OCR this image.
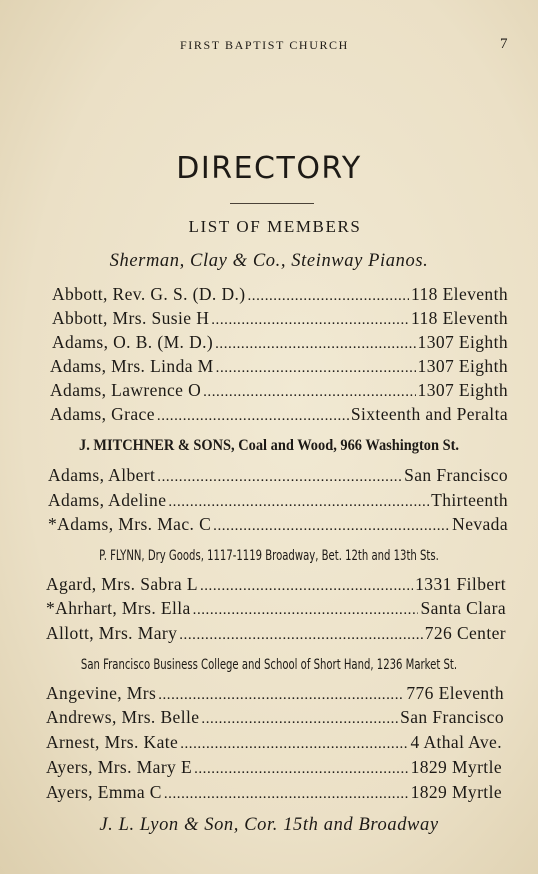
FIRST BAPTIST CHURCH	7
DIRECTORY
LIST OF MEMBERS
Sherman, Clay & Co., Steinway Pianos.
Abbott, Rev. G. S. (D. D.) . . .	118 Eleventh
Abbott, Mrs. Susie H . . .	118 Eleventh
Adams, O. B. (M. D.) . . .	1307 Eighth
Adams, Mrs. Linda M . . .	1307 Eighth
Adams, Lawrence O . . .	1307 Eighth
Adams, Grace . . .	Sixteenth and Peralta
J. MITCHNER & SONS, Coal and Wood, 966 Washington St.
Adams, Albert . . .	San Francisco
Adams, Adeline . . .	Thirteenth
*Adams, Mrs. Mac. C . . .	Nevada
P. FLYNN, Dry Goods, 1117-1119 Broadway, Bet. 12th and 13th Sts.
Agard, Mrs. Sabra L . . .	1331 Filbert
*Ahrhart, Mrs. Ella . . .	Santa Clara
Allott, Mrs. Mary . . .	726 Center
San Francisco Business College and School of Short Hand, 1236 Market St.
Angevine, Mrs . . .	776 Eleventh
Andrews, Mrs. Belle . . .	San Francisco
Arnest, Mrs. Kate . . .	4 Athal Ave.
Ayers, Mrs. Mary E . . .	1829 Myrtle
Ayers, Emma C . . .	1829 Myrtle
J. L. Lyon & Son, Cor. 15th and Broadway
